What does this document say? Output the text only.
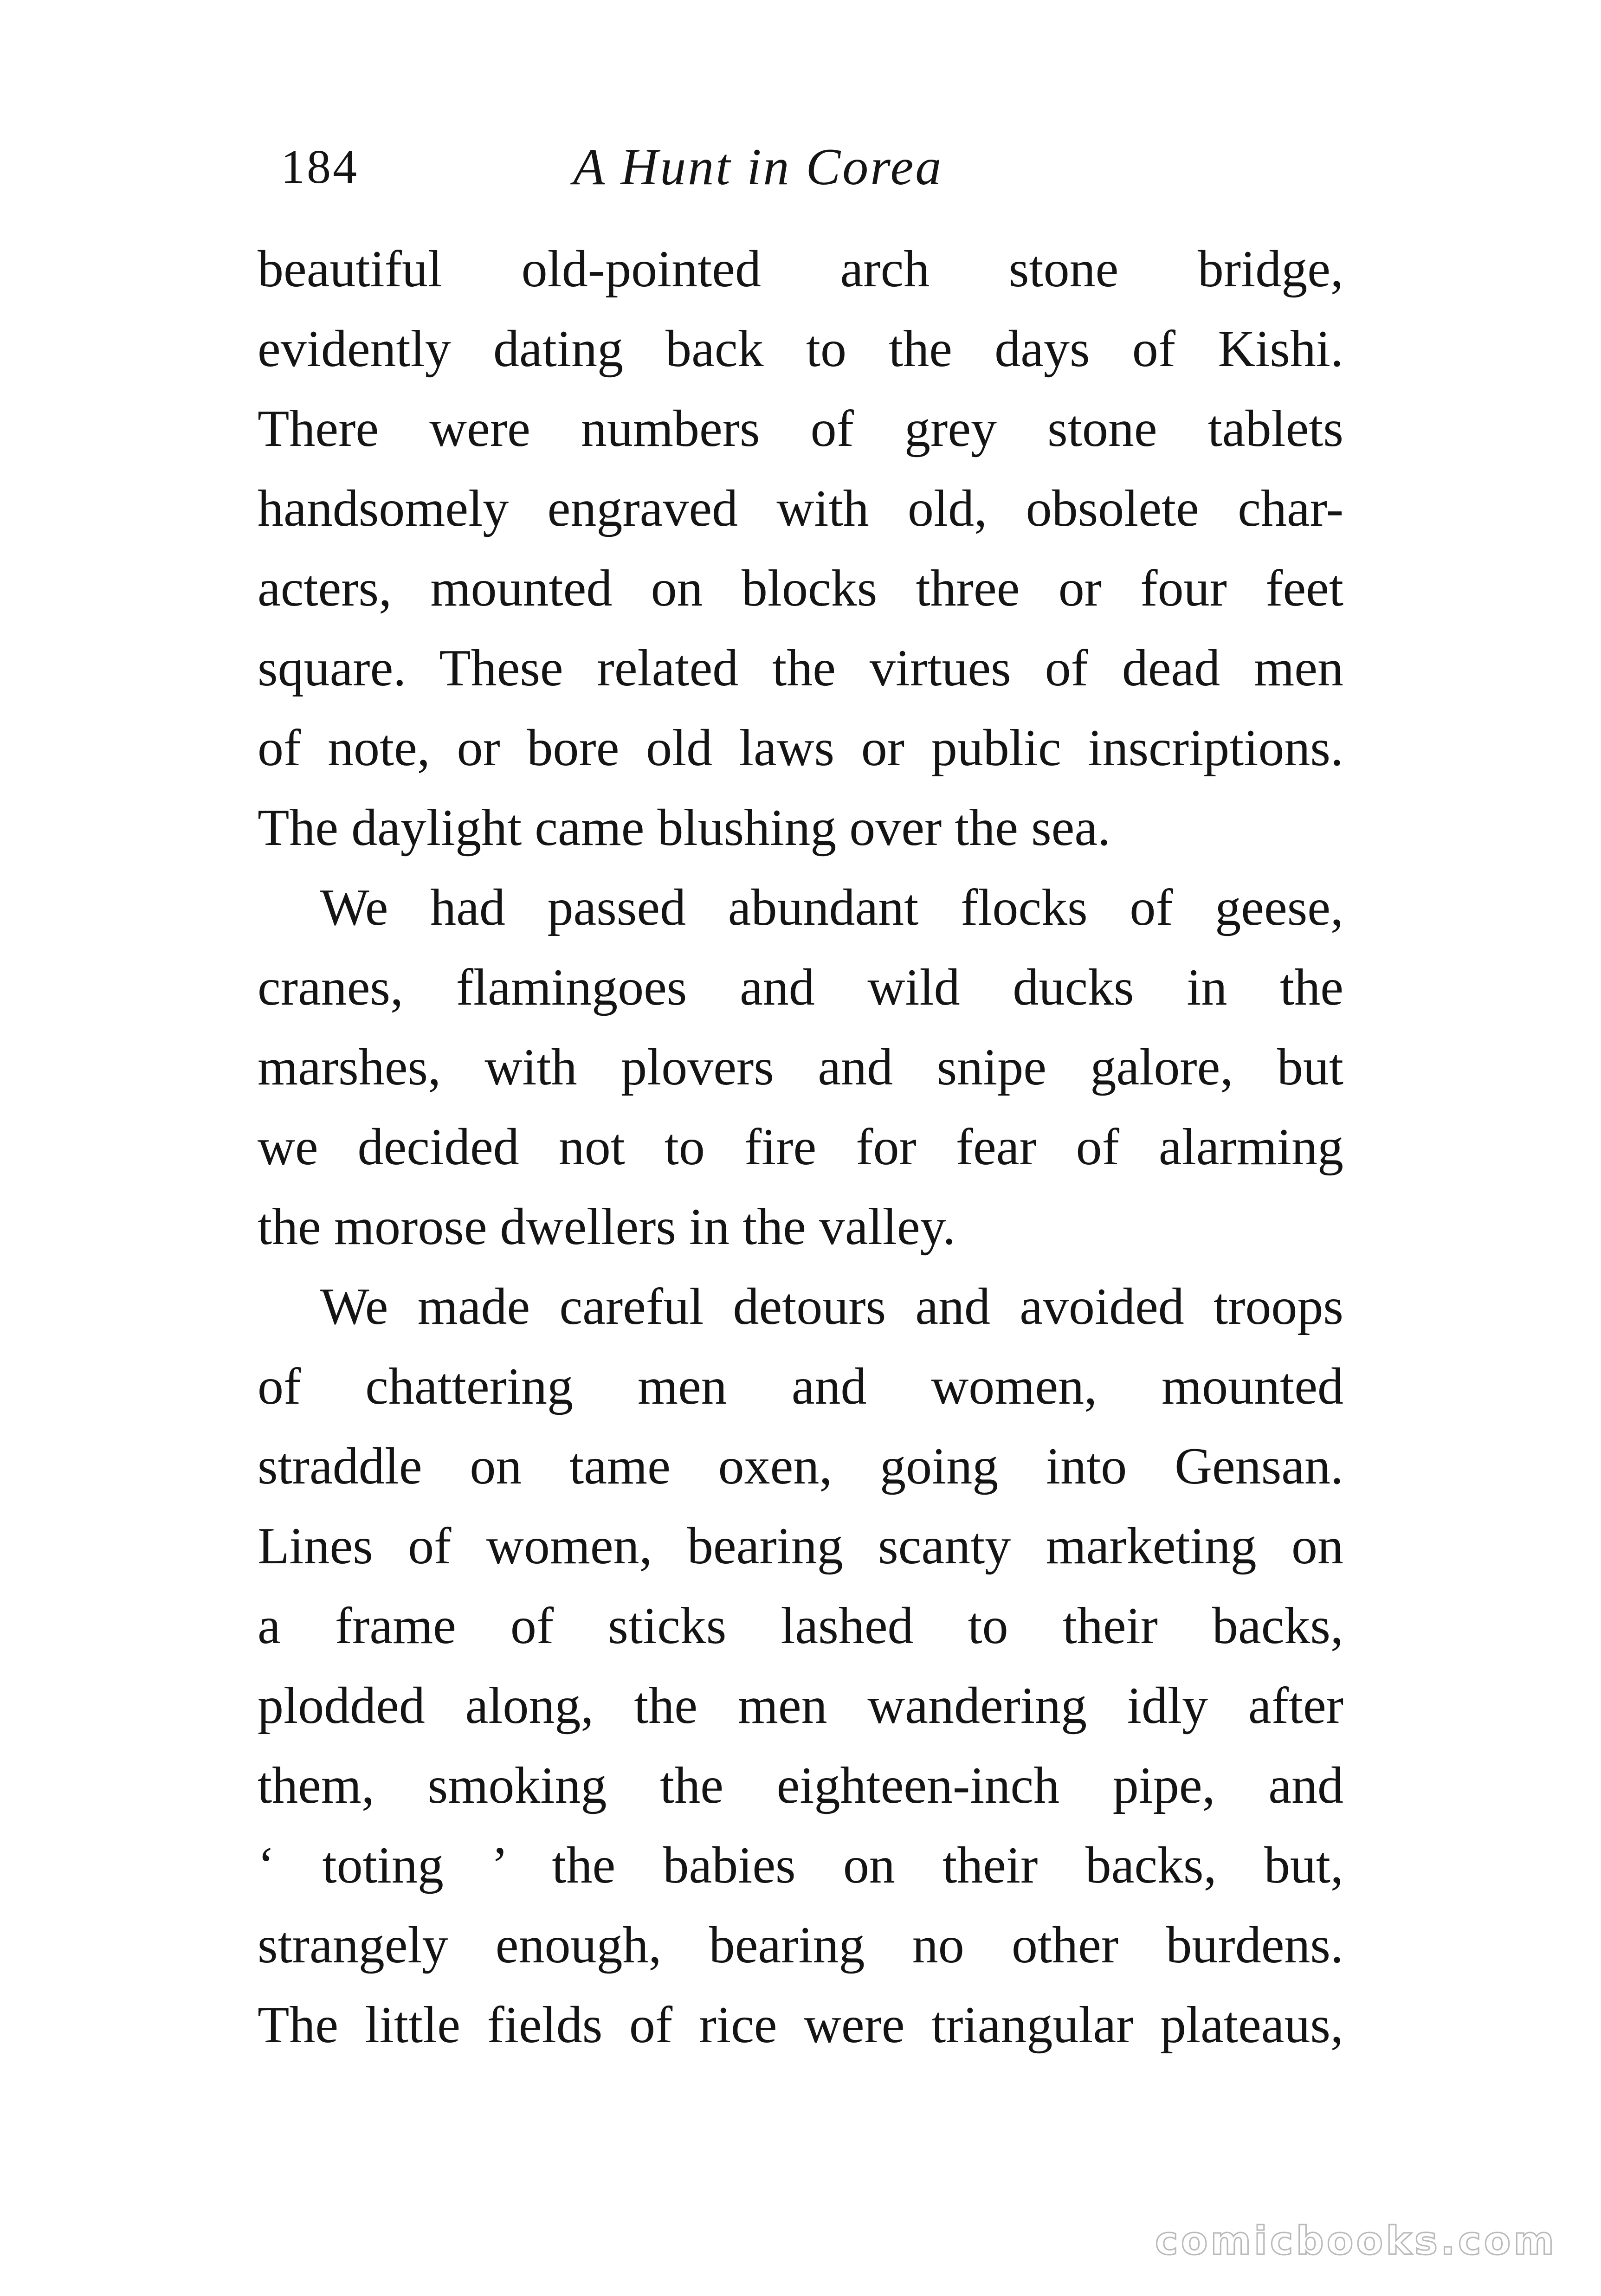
184	A Hunt in Corea
beautiful old-pointed arch stone bridge,
evidently dating back to the days of Kishi.
There were numbers of grey stone tablets
handsomely engraved with old, obsolete char-
acters, mounted on blocks three or four feet
square. These related the virtues of dead men
of note, or bore old laws or public inscriptions.
The daylight came blushing over the sea.
We had passed abundant flocks of geese,
cranes, flamingoes and wild ducks in the
marshes, with plovers and snipe galore, but
we decided not to fire for fear of alarming
the morose dwellers in the valley.
We made careful detours and avoided troops
of chattering men and women, mounted
straddle on tame oxen, going into Gensan.
Lines of women, bearing scanty marketing on
a frame of sticks lashed to their backs,
plodded along, the men wandering idly after
them, smoking the eighteen-inch pipe, and
‘ toting ’ the babies on their backs, but,
strangely enough, bearing no other burdens.
The little fields of rice were triangular plateaus,
comicbooks.com
